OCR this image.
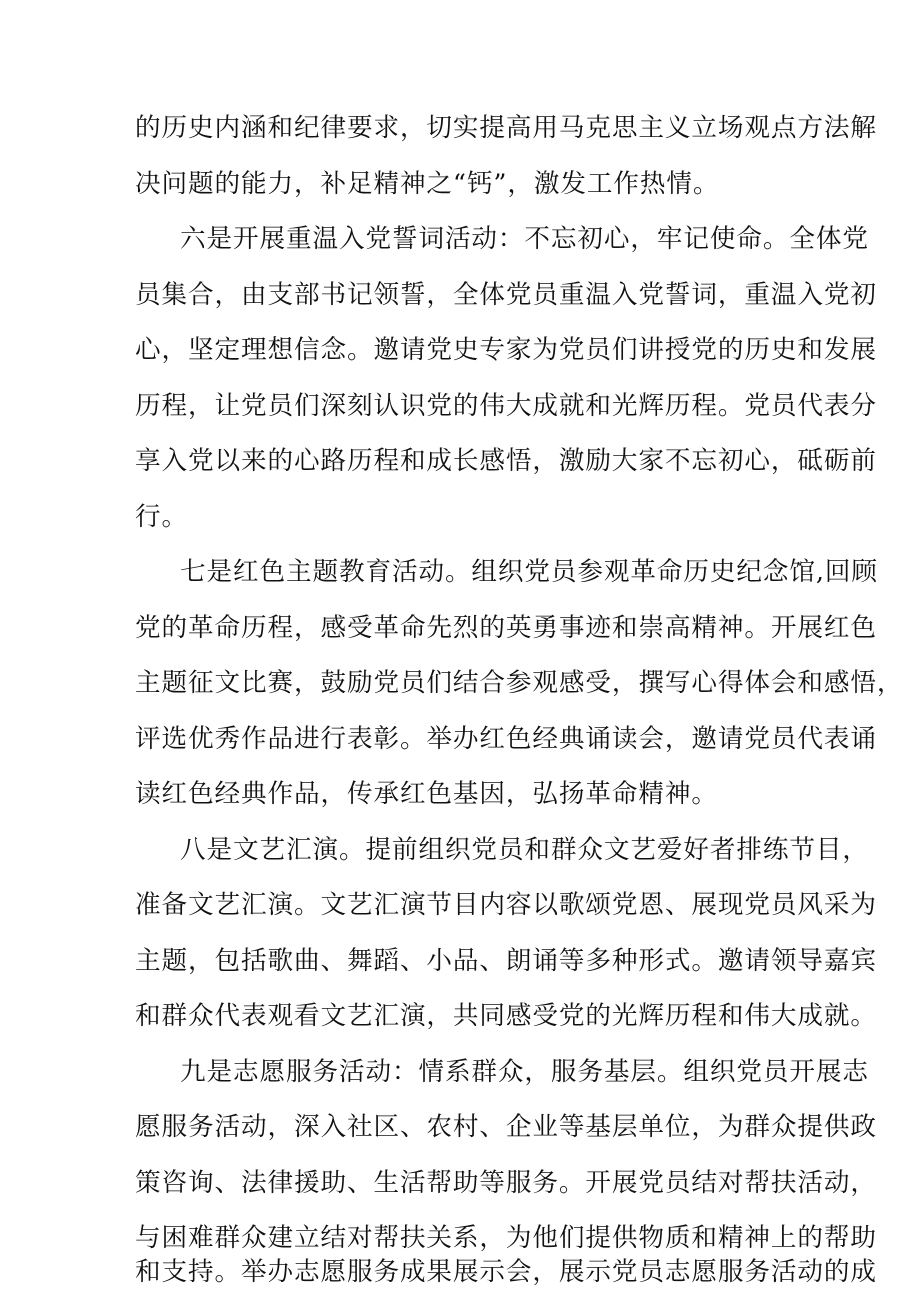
的历史内涵和纪律要求，切实提高用马克思主义立场观点方法解
决问题的能力，补足精神之“钙”，激发工作热情。
六是开展重温入党誓词活动：不忘初心，牢记使命。全体党
员集合，由支部书记领誓，全体党员重温入党誓词，重温入党初
心，坚定理想信念。邀请党史专家为党员们讲授党的历史和发展
历程，让党员们深刻认识党的伟大成就和光辉历程。党员代表分
享入党以来的心路历程和成长感悟，激励大家不忘初心，砥砺前
行。
七是红色主题教育活动。组织党员参观革命历史纪念馆,回顾
党的革命历程，感受革命先烈的英勇事迹和崇高精神。开展红色
主题征文比赛，鼓励党员们结合参观感受，撰写心得体会和感悟，
评选优秀作品进行表彰。举办红色经典诵读会，邀请党员代表诵
读红色经典作品，传承红色基因，弘扬革命精神。
八是文艺汇演。提前组织党员和群众文艺爱好者排练节目，
准备文艺汇演。文艺汇演节目内容以歌颂党恩、展现党员风采为
主题，包括歌曲、舞蹈、小品、朗诵等多种形式。邀请领导嘉宾
和群众代表观看文艺汇演，共同感受党的光辉历程和伟大成就。
九是志愿服务活动：情系群众，服务基层。组织党员开展志
愿服务活动，深入社区、农村、企业等基层单位，为群众提供政
策咨询、法律援助、生活帮助等服务。开展党员结对帮扶活动，
与困难群众建立结对帮扶关系，为他们提供物质和精神上的帮助
和支持。举办志愿服务成果展示会，展示党员志愿服务活动的成
